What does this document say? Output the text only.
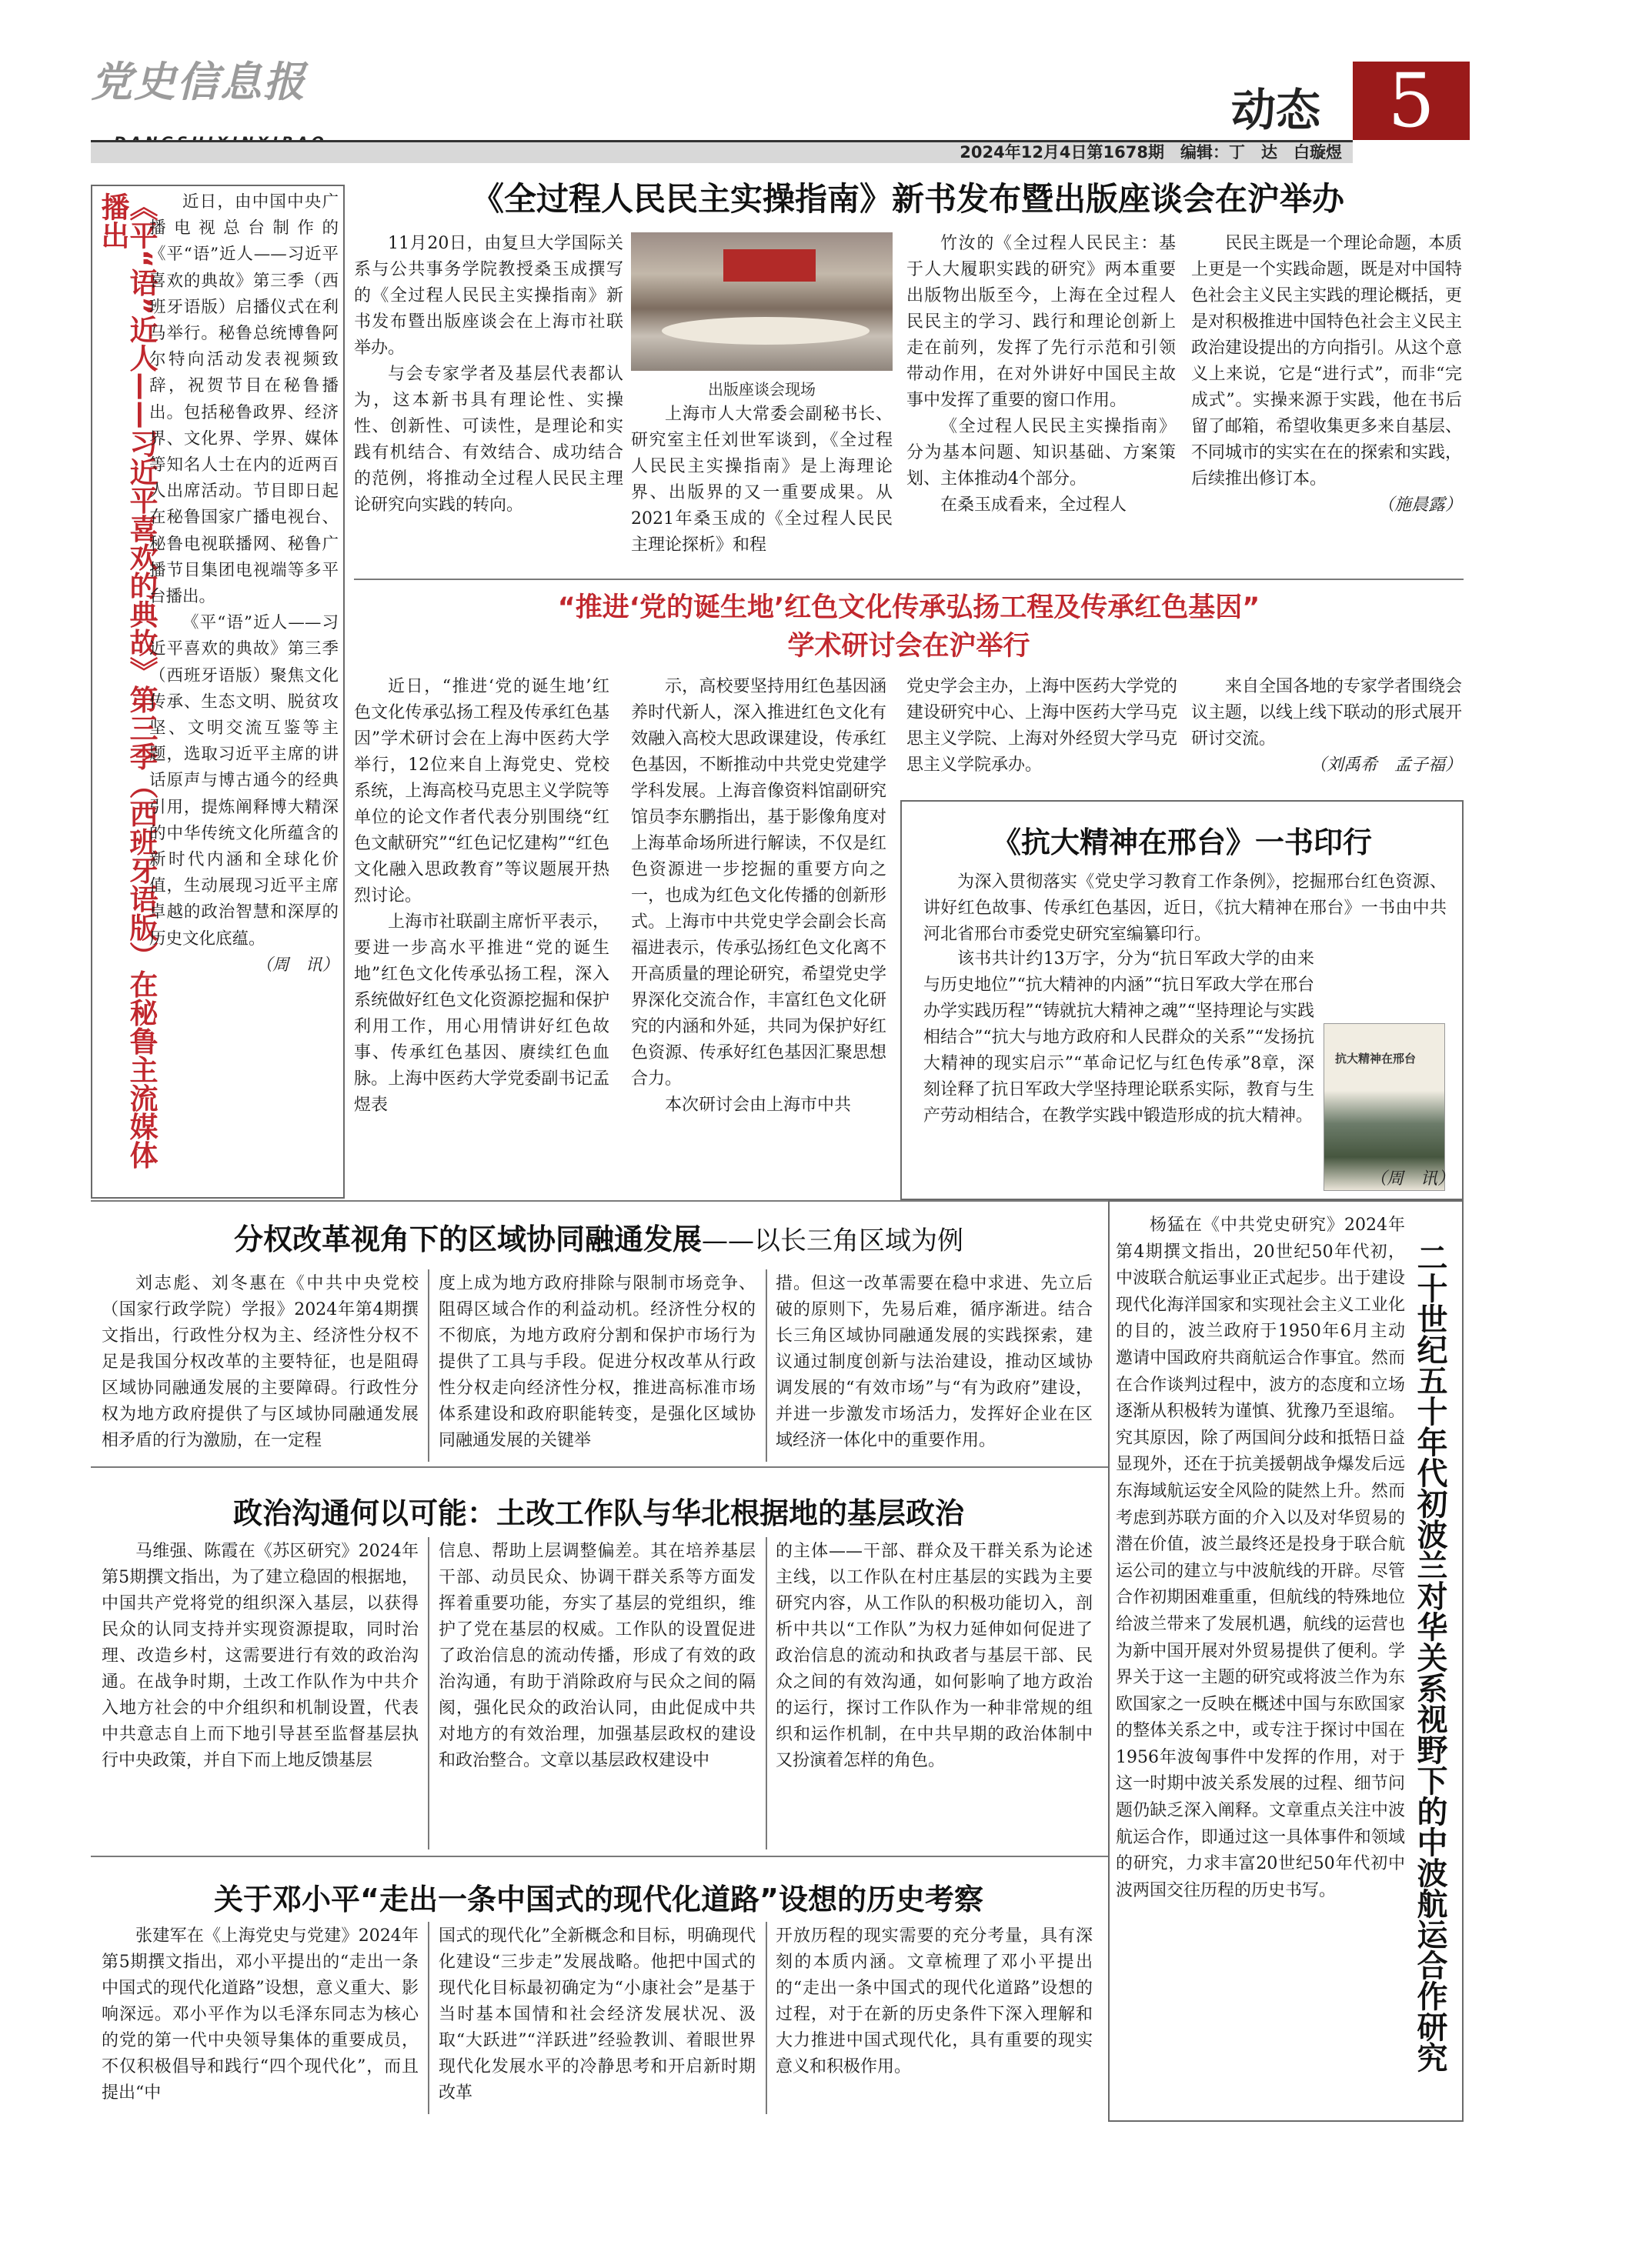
党史信息报
动态 5
2024年12月4日第1678期　编辑：丁　达　白璇煜
《平“语”近人——习近平喜欢的典故》第三季（西班牙语版）在秘鲁主流媒体播出	近日，由中国中央广播电视总台制作的《平“语”近人——习近平喜欢的典故》第三季（西班牙语版）启播仪式在利马举行。秘鲁总统博鲁阿尔特向活动发表视频致辞，祝贺节目在秘鲁播出。包括秘鲁政界、经济界、文化界、学界、媒体等知名人士在内的近两百人出席活动。节目即日起在秘鲁国家广播电视台、秘鲁电视联播网、秘鲁广播节目集团电视端等多平台播出。

《平“语”近人——习近平喜欢的典故》第三季（西班牙语版）聚焦文化传承、生态文明、脱贫攻坚、文明交流互鉴等主题，选取习近平主席的讲话原声与博古通今的经典引用，提炼阐释博大精深的中华传统文化所蕴含的新时代内涵和全球化价值，生动展现习近平主席卓越的政治智慧和深厚的历史文化底蕴。

（周　讯）

《全过程人民民主实操指南》新书发布暨出版座谈会在沪举办
出版座谈会现场

11月20日，由复旦大学国际关系与公共事务学院教授桑玉成撰写的《全过程人民民主实操指南》新书发布暨出版座谈会在上海市社联举办。

与会专家学者及基层代表都认为，这本新书具有理论性、实操性、创新性、可读性，是理论和实践有机结合、有效结合、成功结合的范例，将推动全过程人民民主理论研究向实践的转向。

上海市人大常委会副秘书长、研究室主任刘世军谈到，《全过程人民民主实操指南》是上海理论界、出版界的又一重要成果。从2021年桑玉成的《全过程人民民主理论探析》和程

竹汝的《全过程人民民主：基于人大履职实践的研究》两本重要出版物出版至今，上海在全过程人民民主的学习、践行和理论创新上走在前列，发挥了先行示范和引领带动作用，在对外讲好中国民主故事中发挥了重要的窗口作用。

《全过程人民民主实操指南》分为基本问题、知识基础、方案策划、主体推动4个部分。

在桑玉成看来，全过程人

民民主既是一个理论命题，本质上更是一个实践命题，既是对中国特色社会主义民主实践的理论概括，更是对积极推进中国特色社会主义民主政治建设提出的方向指引。从这个意义上来说，它是“进行式”，而非“完成式”。实操来源于实践，他在书后留了邮箱，希望收集更多来自基层、不同城市的实实在在的探索和实践，后续推出修订本。

（施晨露）

“推进‘党的诞生地’红色文化传承弘扬工程及传承红色基因”
学术研讨会在沪举行

近日，“推进‘党的诞生地’红色文化传承弘扬工程及传承红色基因”学术研讨会在上海中医药大学举行，12位来自上海党史、党校系统，上海高校马克思主义学院等单位的论文作者代表分别围绕“红色文献研究”“红色记忆建构”“红色文化融入思政教育”等议题展开热烈讨论。

上海市社联副主席忻平表示，要进一步高水平推进“党的诞生地”红色文化传承弘扬工程，深入系统做好红色文化资源挖掘和保护利用工作，用心用情讲好红色故事、传承红色基因、赓续红色血脉。上海中医药大学党委副书记孟煜表

示，高校要坚持用红色基因涵养时代新人，深入推进红色文化有效融入高校大思政课建设，传承红色基因，不断推动中共党史党建学学科发展。上海音像资料馆副研究馆员李东鹏指出，基于影像角度对上海革命场所进行解读，不仅是红色资源进一步挖掘的重要方向之一，也成为红色文化传播的创新形式。上海市中共党史学会副会长高福进表示，传承弘扬红色文化离不开高质量的理论研究，希望党史学界深化交流合作，丰富红色文化研究的内涵和外延，共同为保护好红色资源、传承好红色基因汇聚思想合力。

本次研讨会由上海市中共

党史学会主办，上海中医药大学党的建设研究中心、上海中医药大学马克思主义学院、上海对外经贸大学马克思主义学院承办。

来自全国各地的专家学者围绕会议主题，以线上线下联动的形式展开研讨交流。

（刘禹希　孟子福）

《抗大精神在邢台》一书印行

为深入贯彻落实《党史学习教育工作条例》，挖掘邢台红色资源、讲好红色故事、传承红色基因，近日，《抗大精神在邢台》一书由中共河北省邢台市委党史研究室编纂印行。

该书共计约13万字，分为“抗日军政大学的由来与历史地位”“抗大精神的内涵”“抗日军政大学在邢台办学实践历程”“铸就抗大精神之魂”“坚持理论与实践相结合”“抗大与地方政府和人民群众的关系”“发扬抗大精神的现实启示”“革命记忆与红色传承”8章，深刻诠释了抗日军政大学坚持理论联系实际，教育与生产劳动相结合，在教学实践中锻造形成的抗大精神。

抗大精神在邢台

（周　讯）

杨猛在《中共党史研究》2024年第4期撰文指出，20世纪50年代初，中波联合航运事业正式起步。出于建设现代化海洋国家和实现社会主义工业化的目的，波兰政府于1950年6月主动邀请中国政府共商航运合作事宜。然而在合作谈判过程中，波方的态度和立场逐渐从积极转为谨慎、犹豫乃至退缩。究其原因，除了两国间分歧和抵牾日益显现外，还在于抗美援朝战争爆发后远东海域航运安全风险的陡然上升。然而考虑到苏联方面的介入以及对华贸易的潜在价值，波兰最终还是投身于联合航运公司的建立与中波航线的开辟。尽管合作初期困难重重，但航线的特殊地位给波兰带来了发展机遇，航线的运营也为新中国开展对外贸易提供了便利。学界关于这一主题的研究或将波兰作为东欧国家之一反映在概述中国与东欧国家的整体关系之中，或专注于探讨中国在1956年波匈事件中发挥的作用，对于这一时期中波关系发展的过程、细节问题仍缺乏深入阐释。文章重点关注中波航运合作，即通过这一具体事件和领域的研究，力求丰富20世纪50年代初中波两国交往历程的历史书写。	二十世纪五十年代初波兰对华关系视野下的中波航运合作研究
分权改革视角下的区域协同融通发展——以长三角区域为例

刘志彪、刘冬惠在《中共中央党校（国家行政学院）学报》2024年第4期撰文指出，行政性分权为主、经济性分权不足是我国分权改革的主要特征，也是阻碍区域协同融通发展的主要障碍。行政性分权为地方政府提供了与区域协同融通发展相矛盾的行为激励，在一定程

度上成为地方政府排除与限制市场竞争、阻碍区域合作的利益动机。经济性分权的不彻底，为地方政府分割和保护市场行为提供了工具与手段。促进分权改革从行政性分权走向经济性分权，推进高标准市场体系建设和政府职能转变，是强化区域协同融通发展的关键举

措。但这一改革需要在稳中求进、先立后破的原则下，先易后难，循序渐进。结合长三角区域协同融通发展的实践探索，建议通过制度创新与法治建设，推动区域协调发展的“有效市场”与“有为政府”建设，并进一步激发市场活力，发挥好企业在区域经济一体化中的重要作用。

政治沟通何以可能：土改工作队与华北根据地的基层政治

马维强、陈霞在《苏区研究》2024年第5期撰文指出，为了建立稳固的根据地，中国共产党将党的组织深入基层，以获得民众的认同支持并实现资源提取，同时治理、改造乡村，这需要进行有效的政治沟通。在战争时期，土改工作队作为中共介入地方社会的中介组织和机制设置，代表中共意志自上而下地引导甚至监督基层执行中央政策，并自下而上地反馈基层

信息、帮助上层调整偏差。其在培养基层干部、动员民众、协调干群关系等方面发挥着重要功能，夯实了基层的党组织，维护了党在基层的权威。工作队的设置促进了政治信息的流动传播，形成了有效的政治沟通，有助于消除政府与民众之间的隔阂，强化民众的政治认同，由此促成中共对地方的有效治理，加强基层政权的建设和政治整合。文章以基层政权建设中

的主体——干部、群众及干群关系为论述主线，以工作队在村庄基层的实践为主要研究内容，从工作队的积极功能切入，剖析中共以“工作队”为权力延伸如何促进了政治信息的流动和执政者与基层干部、民众之间的有效沟通，如何影响了地方政治的运行，探讨工作队作为一种非常规的组织和运作机制，在中共早期的政治体制中又扮演着怎样的角色。

关于邓小平“走出一条中国式的现代化道路”设想的历史考察

张建军在《上海党史与党建》2024年第5期撰文指出，邓小平提出的“走出一条中国式的现代化道路”设想，意义重大、影响深远。邓小平作为以毛泽东同志为核心的党的第一代中央领导集体的重要成员，不仅积极倡导和践行“四个现代化”，而且提出“中

国式的现代化”全新概念和目标，明确现代化建设“三步走”发展战略。他把中国式的现代化目标最初确定为“小康社会”是基于当时基本国情和社会经济发展状况、汲取“大跃进”“洋跃进”经验教训、着眼世界现代化发展水平的冷静思考和开启新时期改革

开放历程的现实需要的充分考量，具有深刻的本质内涵。文章梳理了邓小平提出的“走出一条中国式的现代化道路”设想的过程，对于在新的历史条件下深入理解和大力推进中国式现代化，具有重要的现实意义和积极作用。
